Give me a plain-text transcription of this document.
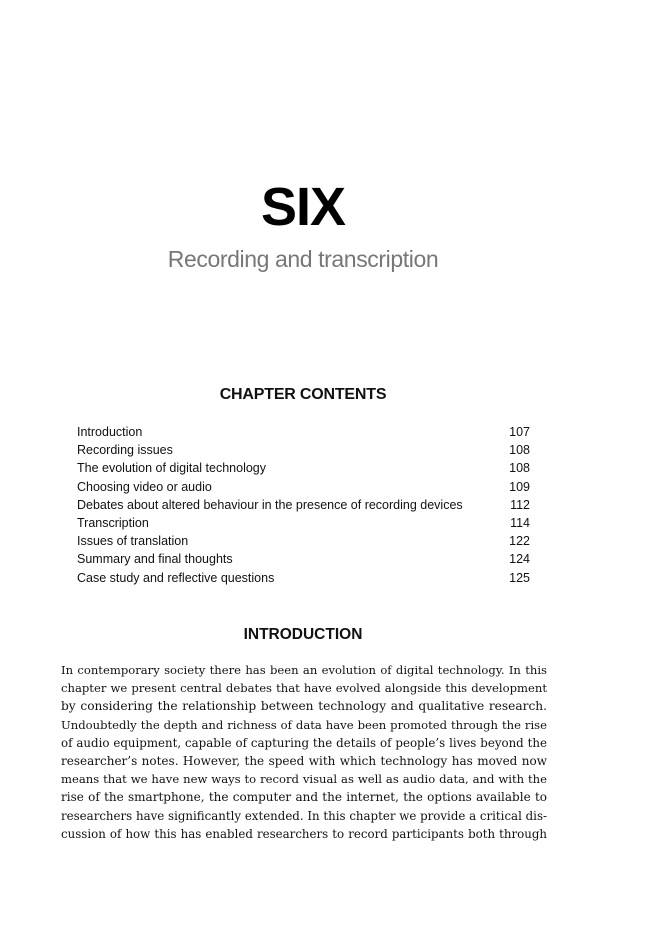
SIX
Recording and transcription
CHAPTER CONTENTS
Introduction	107
Recording issues	108
The evolution of digital technology	108
Choosing video or audio	109
Debates about altered behaviour in the presence of recording devices	112
Transcription	114
Issues of translation	122
Summary and final thoughts	124
Case study and reflective questions	125
INTRODUCTION
In contemporary society there has been an evolution of digital technology. In this
chapter we present central debates that have evolved alongside this development
by considering the relationship between technology and qualitative research.
Undoubtedly the depth and richness of data have been promoted through the rise
of audio equipment, capable of capturing the details of people’s lives beyond the
researcher’s notes. However, the speed with which technology has moved now
means that we have new ways to record visual as well as audio data, and with the
rise of the smartphone, the computer and the internet, the options available to
researchers have significantly extended. In this chapter we provide a critical dis-
cussion of how this has enabled researchers to record participants both through
